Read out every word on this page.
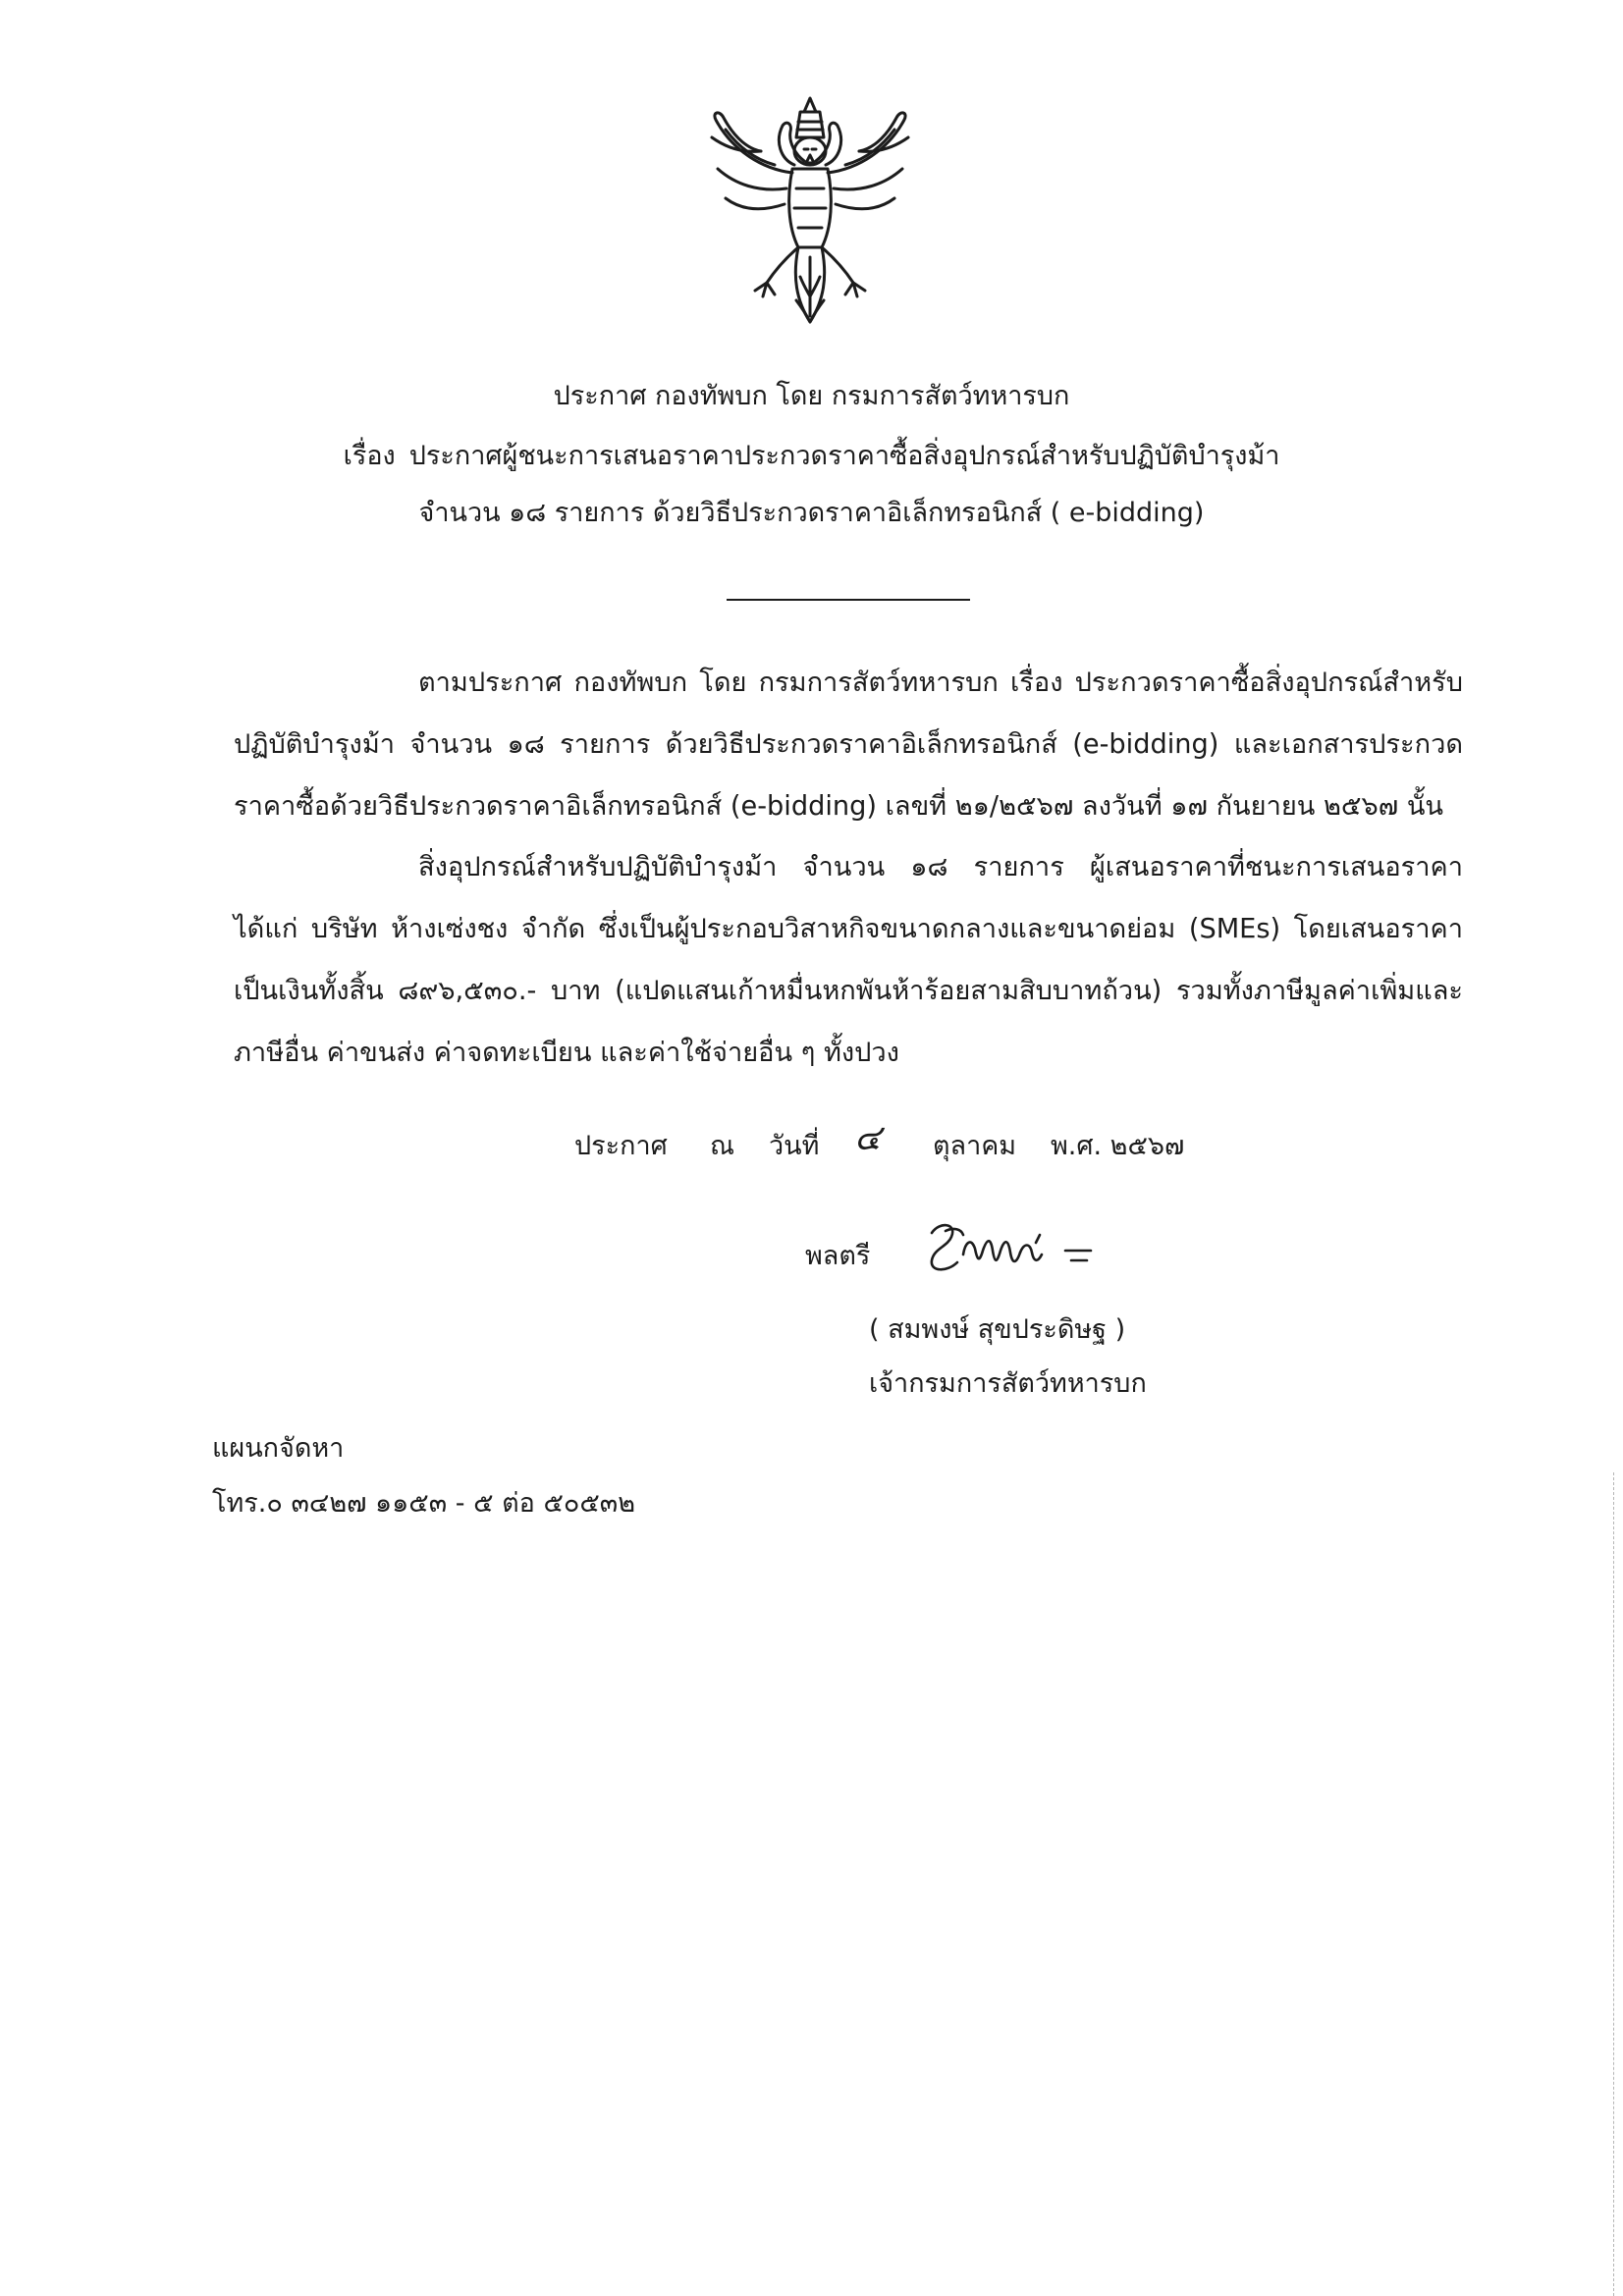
ประกาศ กองทัพบก โดย กรมการสัตว์ทหารบก
เรื่อง ประกาศผู้ชนะการเสนอราคาประกวดราคาซื้อสิ่งอุปกรณ์สำหรับปฏิบัติบำรุงม้า
จำนวน ๑๘ รายการ ด้วยวิธีประกวดราคาอิเล็กทรอนิกส์ ( e-bidding)
ตามประกาศ กองทัพบก โดย กรมการสัตว์ทหารบก เรื่อง ประกวดราคาซื้อสิ่งอุปกรณ์สำหรับปฏิบัติบำรุงม้า จำนวน ๑๘ รายการ ด้วยวิธีประกวดราคาอิเล็กทรอนิกส์ (e-bidding) และเอกสารประกวดราคาซื้อด้วยวิธีประกวดราคาอิเล็กทรอนิกส์ (e-bidding) เลขที่ ๒๑/๒๕๖๗ ลงวันที่ ๑๗ กันยายน ๒๕๖๗ นั้น
สิ่งอุปกรณ์สำหรับปฏิบัติบำรุงม้า จำนวน ๑๘ รายการ ผู้เสนอราคาที่ชนะการเสนอราคา ได้แก่ บริษัท ห้างเซ่งชง จำกัด ซึ่งเป็นผู้ประกอบวิสาหกิจขนาดกลางและขนาดย่อม (SMEs) โดยเสนอราคาเป็นเงินทั้งสิ้น ๘๙๖,๕๓๐.- บาท (แปดแสนเก้าหมื่นหกพันห้าร้อยสามสิบบาทถ้วน) รวมทั้งภาษีมูลค่าเพิ่มและภาษีอื่น ค่าขนส่ง ค่าจดทะเบียน และค่าใช้จ่ายอื่น ๆ ทั้งปวง
ประกาศ ณ วันที่ ๔ ตุลาคม พ.ศ. ๒๕๖๗
พลตรี
( สมพงษ์ สุขประดิษฐ )
เจ้ากรมการสัตว์ทหารบก
แผนกจัดหา
โทร.๐ ๓๔๒๗ ๑๑๕๓ - ๕ ต่อ ๕๐๕๓๒
